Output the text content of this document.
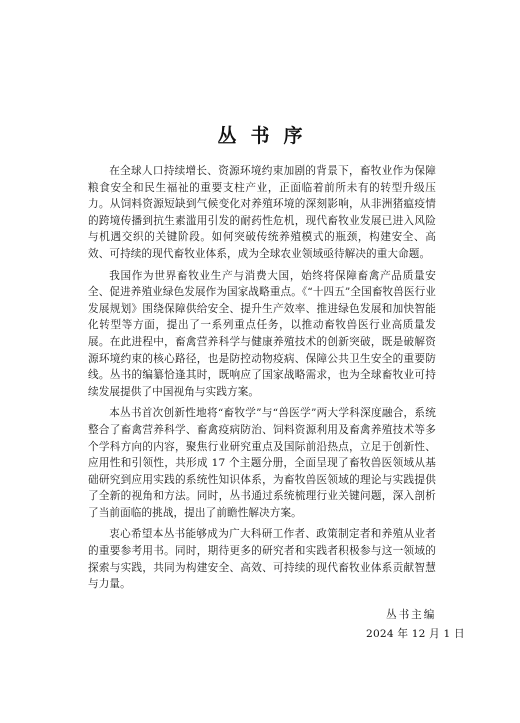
丛书序

在全球人口持续增长、资源环境约束加剧的背景下，畜牧业作为保障粮食安全和民生福祉的重要支柱产业，正面临着前所未有的转型升级压力。从饲料资源短缺到气候变化对养殖环境的深刻影响，从非洲猪瘟疫情的跨境传播到抗生素滥用引发的耐药性危机，现代畜牧业发展已进入风险与机遇交织的关键阶段。如何突破传统养殖模式的瓶颈，构建安全、高效、可持续的现代畜牧业体系，成为全球农业领域亟待解决的重大命题。

我国作为世界畜牧业生产与消费大国，始终将保障畜禽产品质量安全、促进养殖业绿色发展作为国家战略重点。《“十四五”全国畜牧兽医行业发展规划》围绕保障供给安全、提升生产效率、推进绿色发展和加快智能化转型等方面，提出了一系列重点任务，以推动畜牧兽医行业高质量发展。在此进程中，畜禽营养科学与健康养殖技术的创新突破，既是破解资源环境约束的核心路径，也是防控动物疫病、保障公共卫生安全的重要防线。丛书的编纂恰逢其时，既响应了国家战略需求，也为全球畜牧业可持续发展提供了中国视角与实践方案。

本丛书首次创新性地将“畜牧学”与“兽医学”两大学科深度融合，系统整合了畜禽营养科学、畜禽疫病防治、饲料资源利用及畜禽养殖技术等多个学科方向的内容，聚焦行业研究重点及国际前沿热点，立足于创新性、应用性和引领性，共形成 17 个主题分册，全面呈现了畜牧兽医领域从基础研究到应用实践的系统性知识体系，为畜牧兽医领域的理论与实践提供了全新的视角和方法。同时，丛书通过系统梳理行业关键问题，深入剖析了当前面临的挑战，提出了前瞻性解决方案。

衷心希望本丛书能够成为广大科研工作者、政策制定者和养殖从业者的重要参考用书。同时，期待更多的研究者和实践者积极参与这一领域的探索与实践，共同为构建安全、高效、可持续的现代畜牧业体系贡献智慧与力量。

丛书主编
2024 年 12 月 1 日
